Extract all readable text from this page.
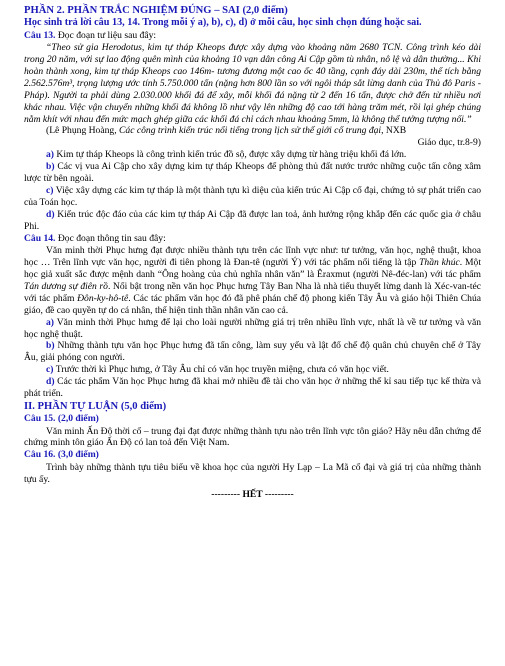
PHẦN 2. PHẦN TRẮC NGHIỆM ĐÚNG – SAI (2,0 điểm)

Học sinh trả lời câu 13, 14. Trong mỗi ý a), b), c), d) ở mỗi câu, học sinh chọn đúng hoặc sai.

Câu 13. Đọc đoạn tư liệu sau đây:

“Theo sử gia Herodotus, kim tự tháp Kheops được xây dựng vào khoảng năm 2680 TCN. Công trình kéo dài trong 20 năm, với sự lao động quên mình của khoảng 10 vạn dân công Ai Cập gồm tù nhân, nô lệ và dân thường... Khi hoàn thành xong, kim tự tháp Kheops cao 146m- tương đương một cao ốc 40 tầng, cạnh đáy dài 230m, thể tích bằng 2.562.576m³, trọng lượng ước tính 5.750.000 tấn (nặng hơn 800 lần so với ngôi tháp sắt lừng danh của Thủ đô Paris - Pháp). Người ta phải dùng 2.030.000 khối đá để xây, mỗi khối đá nặng từ 2 đến 16 tấn, được chở đến từ nhiều nơi khác nhau. Việc vận chuyển những khối đá không lồ như vậy lên những độ cao tới hàng trăm mét, rồi lại ghép chúng nằm khít với nhau đến mức mạch ghép giữa các khối đá chỉ cách nhau khoảng 5mm, là không thể tưởng tượng nổi.”

(Lê Phụng Hoàng, Các công trình kiến trúc nổi tiếng trong lịch sử thế giới cổ trung đại, NXB

Giáo dục, tr.8-9)

a) Kim tự tháp Kheops là công trình kiến trúc đồ sộ, được xây dựng từ hàng triệu khối đá lớn.

b) Các vị vua Ai Cập cho xây dựng kim tự tháp Kheops để phòng thủ đất nước trước những cuộc tấn công xâm lược từ bên ngoài.

c) Việc xây dựng các kim tự tháp là một thành tựu kì diệu của kiến trúc Ai Cập cổ đại, chứng tỏ sự phát triển cao của Toán học.

d) Kiến trúc độc đáo của các kim tự tháp Ai Cập đã được lan toả, ảnh hưởng rộng khắp đến các quốc gia ở châu Phi.

Câu 14. Đọc đoạn thông tin sau đây:

Văn minh thời Phục hưng đạt được nhiều thành tựu trên các lĩnh vực như: tư tưởng, văn học, nghệ thuật, khoa học … Trên lĩnh vực văn học, người đi tiên phong là Đan-tê (người Ý) với tác phẩm nổi tiếng là tập Thần khúc. Một học giả xuất sắc được mệnh danh “Ông hoàng của chủ nghĩa nhân văn” là Êraxmut (người Nê-đéc-lan) với tác phẩm Tán dương sự điên rồ. Nổi bật trong nền văn học Phục hưng Tây Ban Nha là nhà tiểu thuyết lừng danh là Xéc-van-téc với tác phẩm Đôn-ky-hô-tê. Các tác phẩm văn học đó đã phê phán chế độ phong kiến Tây Âu và giáo hội Thiên Chúa giáo, đề cao quyền tự do cá nhân, thể hiện tinh thần nhân văn cao cả.

a) Văn minh thời Phục hưng để lại cho loài người những giá trị trên nhiều lĩnh vực, nhất là về tư tưởng và văn học nghệ thuật.

b) Những thành tựu văn học Phục hưng đã tấn công, làm suy yếu và lật đổ chế độ quân chủ chuyên chế ở Tây Âu, giải phóng con người.

c) Trước thời kì Phục hưng, ở Tây Âu chỉ có văn học truyền miệng, chưa có văn học viết.

d) Các tác phẩm Văn học Phục hưng đã khai mở nhiều đề tài cho văn học ở những thế kỉ sau tiếp tục kế thừa và phát triển.

II. PHẦN TỰ LUẬN (5,0 điểm)

Câu 15. (2,0 điểm)

Văn minh Ấn Độ thời cổ – trung đại đạt được những thành tựu nào trên lĩnh vực tôn giáo? Hãy nêu dẫn chứng để chứng minh tôn giáo Ấn Độ có lan toả đến Việt Nam.

Câu 16. (3,0 điểm)

Trình bày những thành tựu tiêu biểu về khoa học của người Hy Lạp – La Mã cổ đại và giá trị của những thành tựu ấy.

--------- HẾT ---------
